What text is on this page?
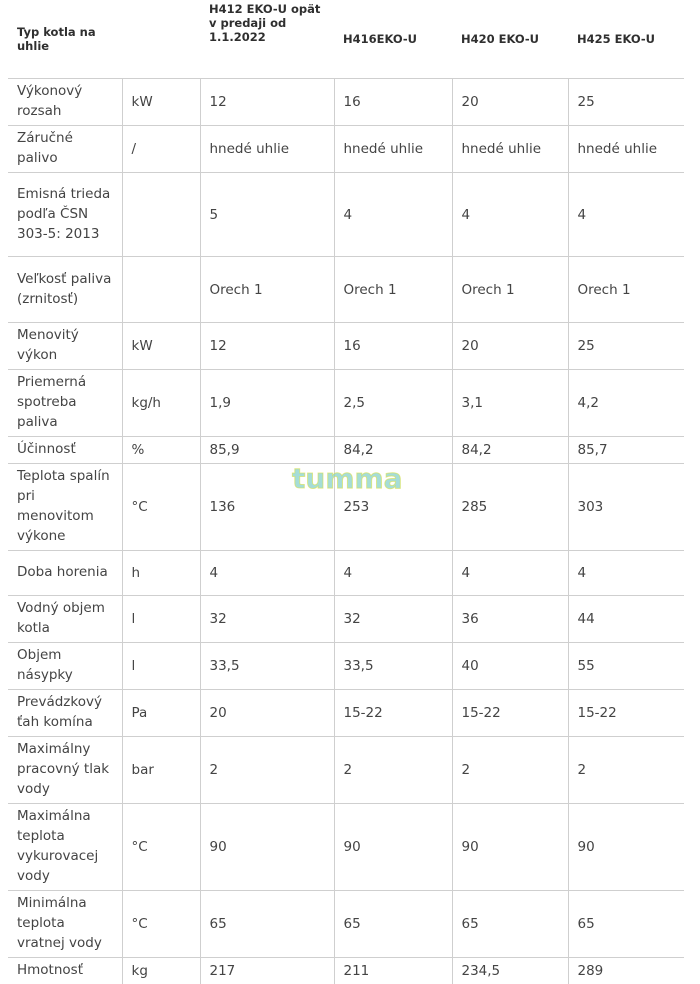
Typ kotla na uhlie		H412 EKO-U opät v predaji od 1.1.2022	H416EKO-U	H420 EKO-U	H425 EKO-U
Výkonový rozsah	kW	12	16	20	25
Záručné palivo	/	hnedé uhlie	hnedé uhlie	hnedé uhlie	hnedé uhlie
Emisná trieda podľa ČSN 303-5: 2013		5	4	4	4
Veľkosť paliva (zrnitosť)		Orech 1	Orech 1	Orech 1	Orech 1
Menovitý výkon	kW	12	16	20	25
Priemerná spotreba paliva	kg/h	1,9	2,5	3,1	4,2
Účinnosť	%	85,9	84,2	84,2	85,7
Teplota spalín pri menovitom výkone	°C	136	253	285	303
Doba horenia	h	4	4	4	4
Vodný objem kotla	l	32	32	36	44
Objem násypky	l	33,5	33,5	40	55
Prevádzkový ťah komína	Pa	20	15-22	15-22	15-22
Maximálny pracovný tlak vody	bar	2	2	2	2
Maximálna teplota vykurovacej vody	°C	90	90	90	90
Minimálna teplota vratnej vody	°C	65	65	65	65
Hmotnosť	kg	217	211	234,5	289
tumma
